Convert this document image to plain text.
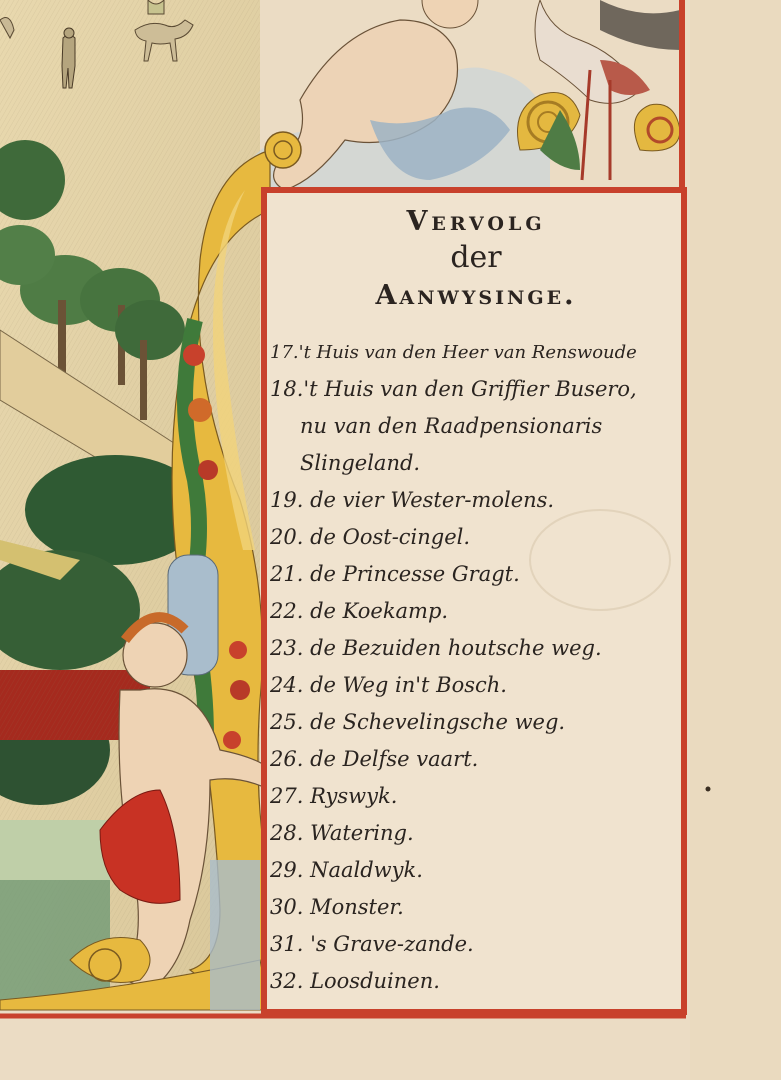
Vervolg
der
Aanwysinge.
17.'t Huis van den Heer van Renswoude
18.'t Huis van den Griffier Busero,
nu van den Raadpensionaris
Slingeland.
19. de vier Wester-molens.
20. de Oost-cingel.
21. de Princesse Gragt.
22. de Koekamp.
23. de Bezuiden houtsche weg.
24. de Weg in't Bosch.
25. de Schevelingsche weg.
26. de Delfse vaart.
27. Ryswyk.
28. Watering.
29. Naaldwyk.
30. Monster.
31. 's Grave-zande.
32. Loosduinen.
